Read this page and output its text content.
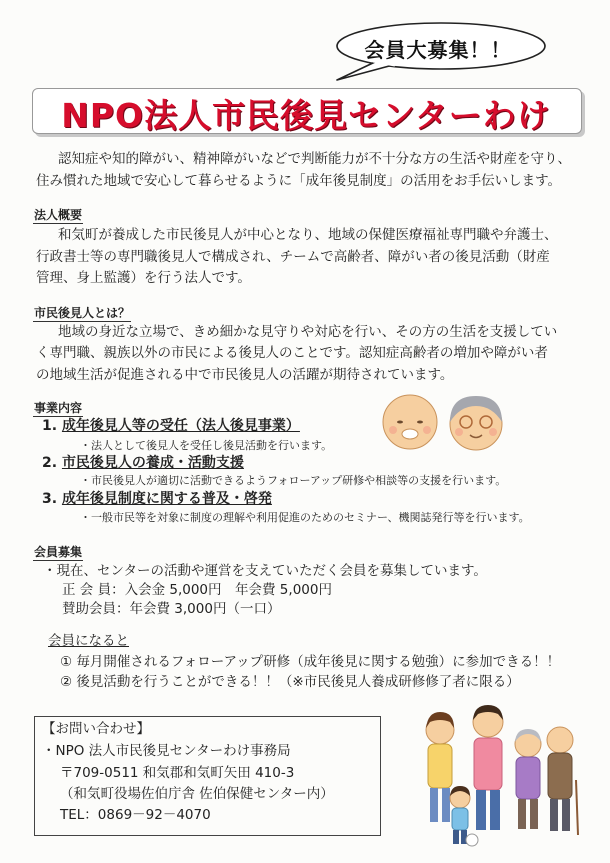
会員大募集！！
NPO法人市民後見センターわけ
認知症や知的障がい、精神障がいなどで判断能力が不十分な方の生活や財産を守り、
住み慣れた地域で安心して暮らせるように「成年後見制度」の活用をお手伝いします。
法人概要
和気町が養成した市民後見人が中心となり、地域の保健医療福祉専門職や弁護士、
行政書士等の専門職後見人で構成され、チームで高齢者、障がい者の後見活動（財産
管理、身上監護）を行う法人です。
市民後見人とは？
地域の身近な立場で、きめ細かな見守りや対応を行い、その方の生活を支援してい
く専門職、親族以外の市民による後見人のことです。認知症高齢者の増加や障がい者
の地域生活が促進される中で市民後見人の活躍が期待されています。
事業内容
1. 成年後見人等の受任（法人後見事業）
・法人として後見人を受任し後見活動を行います。
2. 市民後見人の養成・活動支援
・市民後見人が適切に活動できるようフォローアップ研修や相談等の支援を行います。
3. 成年後見制度に関する普及・啓発
・一般市民等を対象に制度の理解や利用促進のためのセミナー、機関誌発行等を行います。
会員募集
・現在、センターの活動や運営を支えていただく会員を募集しています。
正 会 員：入会金 5,000円　年会費 5,000円
賛助会員：年会費 3,000円（一口）
会員になると
① 毎月開催されるフォローアップ研修（成年後見に関する勉強）に参加できる！！
② 後見活動を行うことができる！！（※市民後見人養成研修修了者に限る）
【お問い合わせ】
・NPO 法人市民後見センターわけ事務局
〒709-0511 和気郡和気町矢田 410-3
（和気町役場佐伯庁舎 佐伯保健センター内）
TEL：0869－92－4070
